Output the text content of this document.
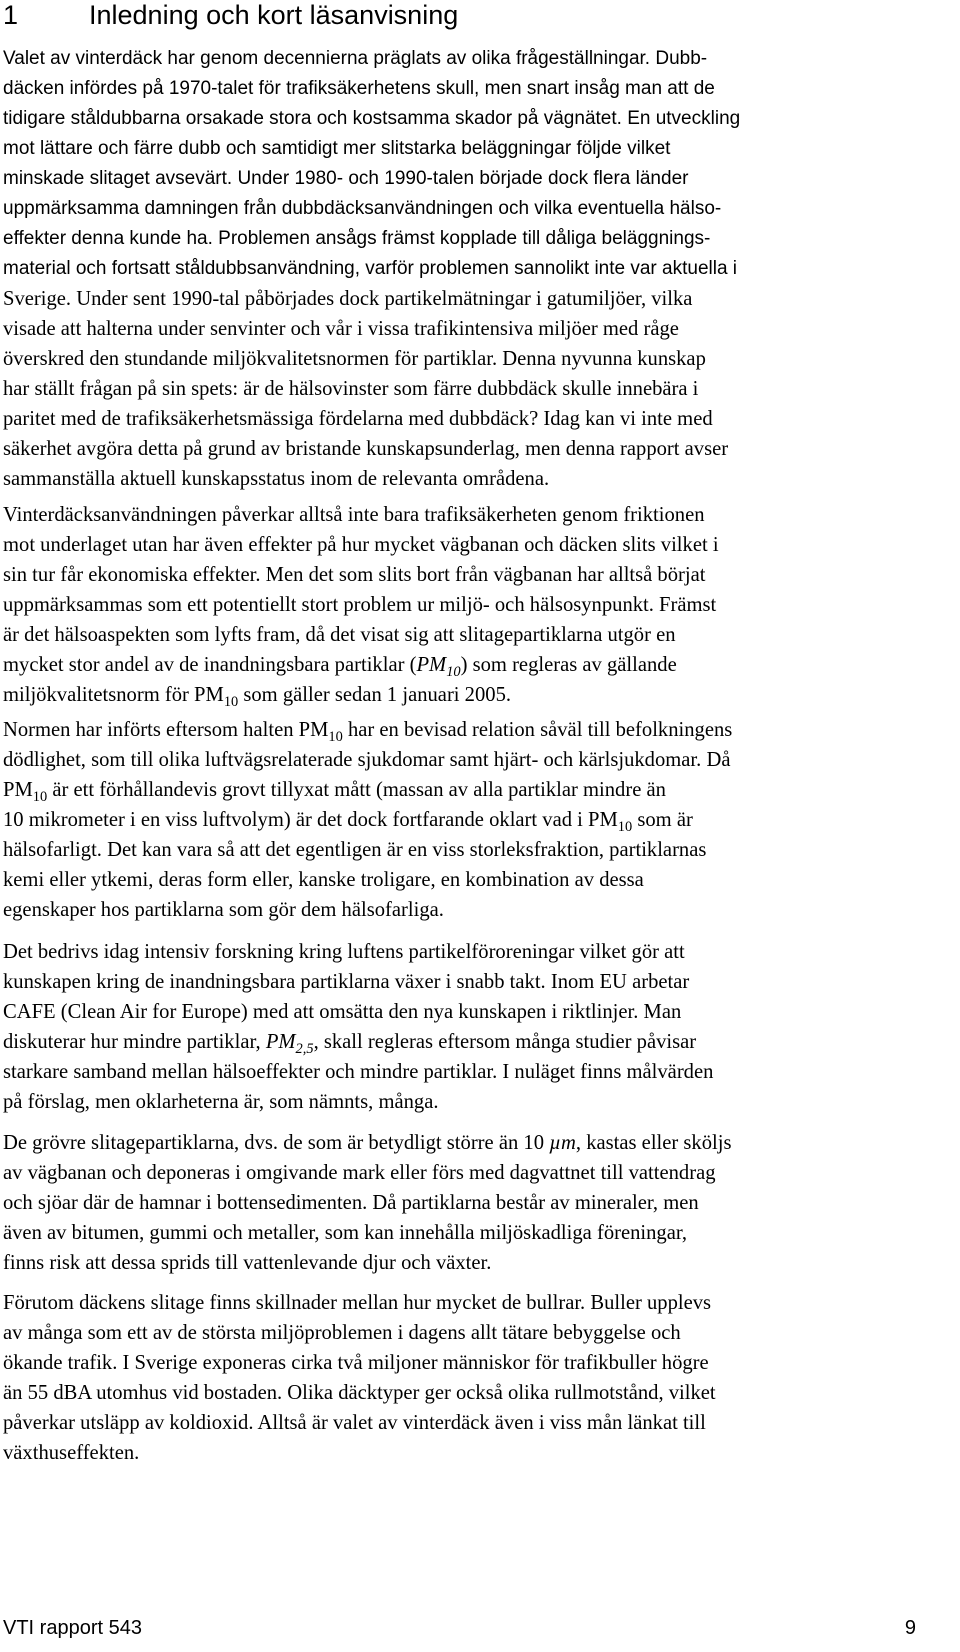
1	Inledning och kort läsanvisning

Valet av vinterdäck har genom decennierna präglats av olika frågeställningar. Dubb-
däcken infördes på 1970-talet för trafiksäkerhetens skull, men snart insåg man att de
tidigare ståldubbarna orsakade stora och kostsamma skador på vägnätet. En utveckling
mot lättare och färre dubb och samtidigt mer slitstarka beläggningar följde vilket
minskade slitaget avsevärt. Under 1980- och 1990-talen började dock flera länder
uppmärksamma damningen från dubbdäcksanvändningen och vilka eventuella hälso-
effekter denna kunde ha. Problemen ansågs främst kopplade till dåliga beläggnings-
material och fortsatt ståldubbsanvändning, varför problemen sannolikt inte var aktuella i

Sverige. Under sent 1990-tal påbörjades dock partikelmätningar i gatumiljöer, vilka
visade att halterna under senvinter och vår i vissa trafikintensiva miljöer med råge
överskred den stundande miljökvalitetsnormen för partiklar. Denna nyvunna kunskap
har ställt frågan på sin spets: är de hälsovinster som färre dubbdäck skulle innebära i
paritet med de trafiksäkerhetsmässiga fördelarna med dubbdäck? Idag kan vi inte med
säkerhet avgöra detta på grund av bristande kunskapsunderlag, men denna rapport avser
sammanställa aktuell kunskapsstatus inom de relevanta områdena.

Vinterdäcksanvändningen påverkar alltså inte bara trafiksäkerheten genom friktionen
mot underlaget utan har även effekter på hur mycket vägbanan och däcken slits vilket i
sin tur får ekonomiska effekter. Men det som slits bort från vägbanan har alltså börjat
uppmärksammas som ett potentiellt stort problem ur miljö- och hälsosynpunkt. Främst
är det hälsoaspekten som lyfts fram, då det visat sig att slitagepartiklarna utgör en
mycket stor andel av de inandningsbara partiklar $(PM_{10})$ som regleras av gällande
miljökvalitetsnorm för $PM_{10}$ som gäller sedan 1 januari 2005.

Normen har införts eftersom halten $PM_{10}$ har en bevisad relation såväl till befolkningens
dödlighet, som till olika luftvägsrelaterade sjukdomar samt hjärt- och kärlsjukdomar. Då
$PM_{10}$ är ett förhållandevis grovt tillyxat mått (massan av alla partiklar mindre än
10 mikrometer i en viss luftvolym) är det dock fortfarande oklart vad i $PM_{10}$ som är
hälsofarligt. Det kan vara så att det egentligen är en viss storleksfraktion, partiklarnas
kemi eller ytkemi, deras form eller, kanske troligare, en kombination av dessa
egenskaper hos partiklarna som gör dem hälsofarliga.

Det bedrivs idag intensiv forskning kring luftens partikelföroreningar vilket gör att
kunskapen kring de inandningsbara partiklarna växer i snabb takt. Inom EU arbetar
CAFE (Clean Air for Europe) med att omsätta den nya kunskapen i riktlinjer. Man
diskuterar hur mindre partiklar, $PM_{2,5}$, skall regleras eftersom många studier påvisar
starkare samband mellan hälsoeffekter och mindre partiklar. I nuläget finns målvärden
på förslag, men oklarheterna är, som nämnts, många.

De grövre slitagepartiklarna, dvs. de som är betydligt större än 10 µm, kastas eller sköljs
av vägbanan och deponeras i omgivande mark eller förs med dagvattnet till vattendrag
och sjöar där de hamnar i bottensedimenten. Då partiklarna består av mineraler, men
även av bitumen, gummi och metaller, som kan innehålla miljöskadliga föreningar,
finns risk att dessa sprids till vattenlevande djur och växter.

Förutom däckens slitage finns skillnader mellan hur mycket de bullrar. Buller upplevs
av många som ett av de största miljöproblemen i dagens allt tätare bebyggelse och
ökande trafik. I Sverige exponeras cirka två miljoner människor för trafikbuller högre
än 55 dBA utomhus vid bostaden. Olika däcktyper ger också olika rullmotstånd, vilket
påverkar utsläpp av koldioxid. Alltså är valet av vinterdäck även i viss mån länkat till
växthuseffekten.

VTI rapport 543	9
